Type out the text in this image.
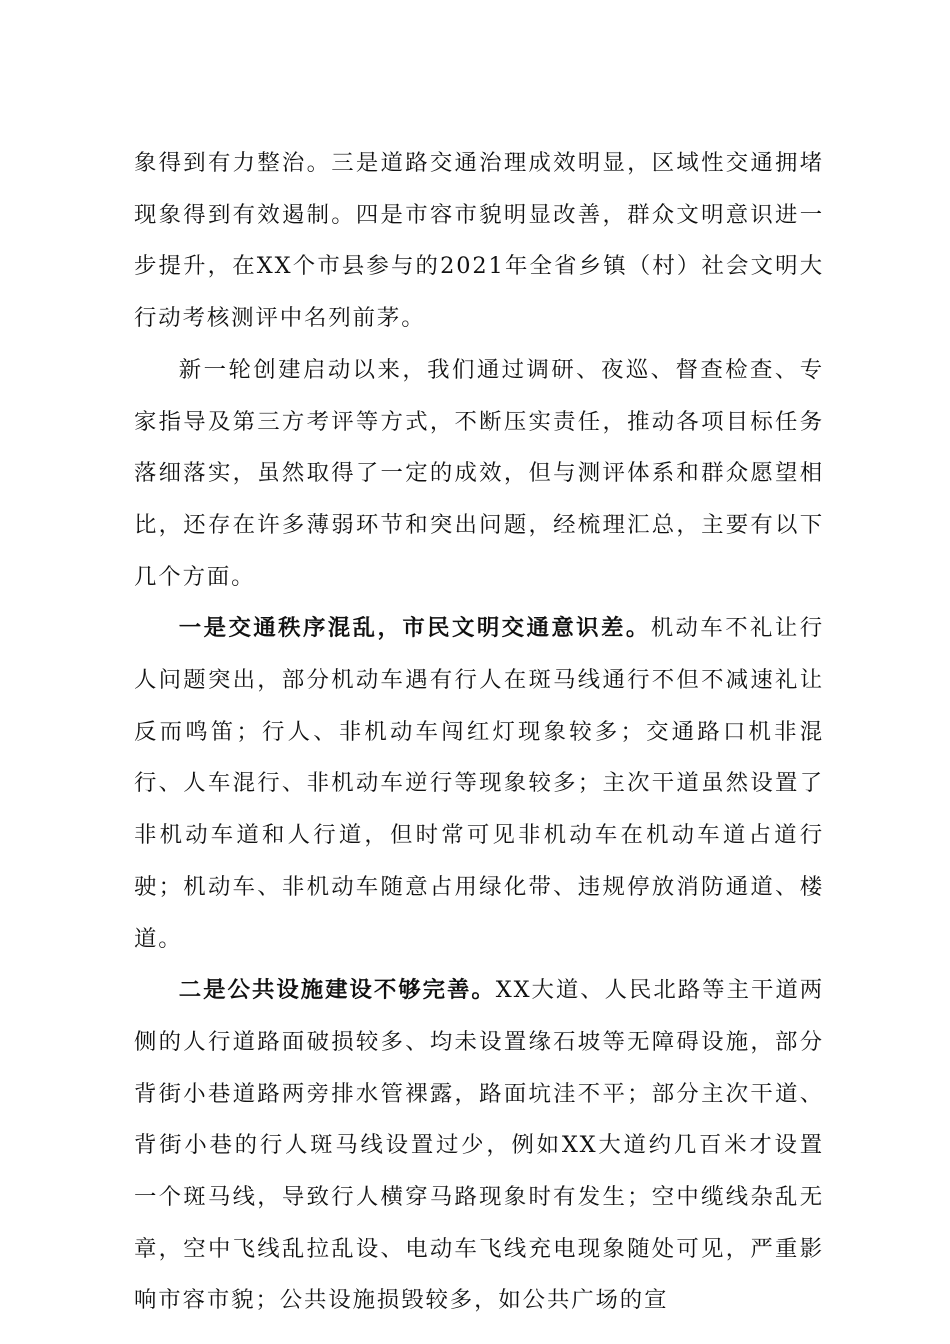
象得到有力整治。三是道路交通治理成效明显，区域性交通拥堵现象得到有效遏制。四是市容市貌明显改善，群众文明意识进一步提升，在XX个市县参与的2021年全省乡镇（村）社会文明大行动考核测评中名列前茅。

新一轮创建启动以来，我们通过调研、夜巡、督查检查、专家指导及第三方考评等方式，不断压实责任，推动各项目标任务落细落实，虽然取得了一定的成效，但与测评体系和群众愿望相比，还存在许多薄弱环节和突出问题，经梳理汇总，主要有以下几个方面。

一是交通秩序混乱，市民文明交通意识差。机动车不礼让行人问题突出，部分机动车遇有行人在斑马线通行不但不减速礼让反而鸣笛；行人、非机动车闯红灯现象较多；交通路口机非混行、人车混行、非机动车逆行等现象较多；主次干道虽然设置了非机动车道和人行道，但时常可见非机动车在机动车道占道行驶；机动车、非机动车随意占用绿化带、违规停放消防通道、楼道。

二是公共设施建设不够完善。XX大道、人民北路等主干道两侧的人行道路面破损较多、均未设置缘石坡等无障碍设施，部分背街小巷道路两旁排水管裸露，路面坑洼不平；部分主次干道、背街小巷的行人斑马线设置过少，例如XX大道约几百米才设置一个斑马线，导致行人横穿马路现象时有发生；空中缆线杂乱无章，空中飞线乱拉乱设、电动车飞线充电现象随处可见，严重影响市容市貌；公共设施损毁较多，如公共广场的宣
